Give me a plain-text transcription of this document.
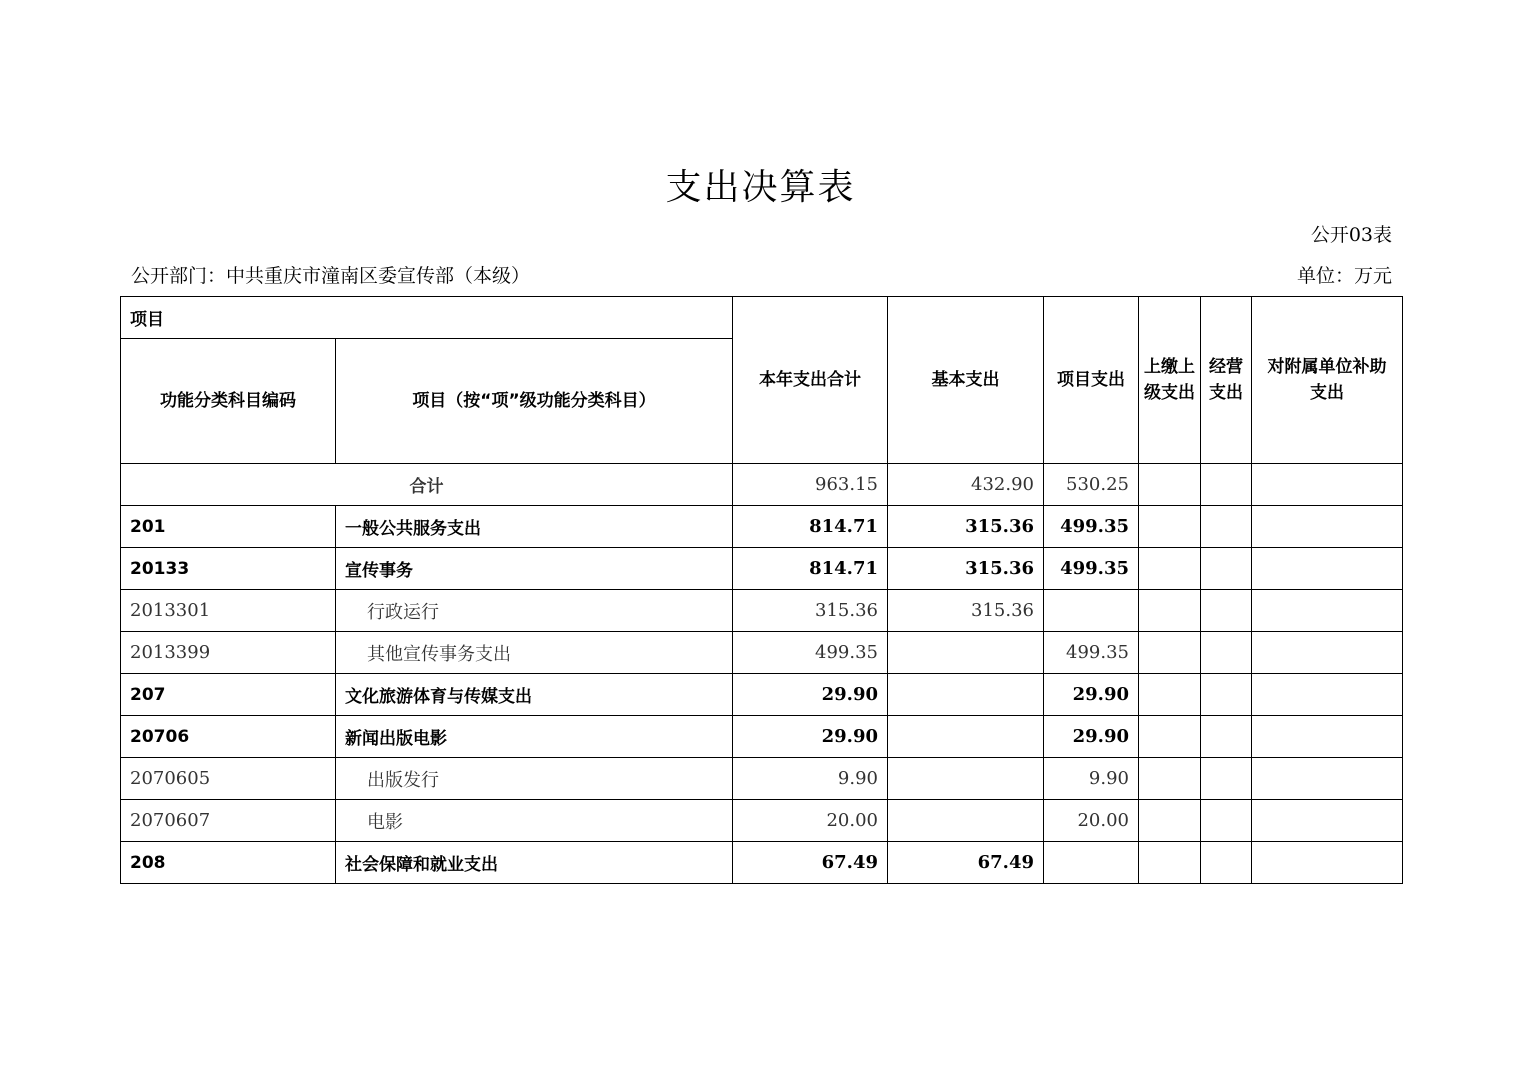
支出决算表
公开03表
公开部门：中共重庆市潼南区委宣传部（本级）	单位：万元
项目		本年支出合计	基本支出	项目支出	上缴上级支出	经营支出	对附属单位补助支出
功能分类科目编码	项目（按“项”级功能分类科目）						
合计		963.15	432.90	530.25			
201	一般公共服务支出	814.71	315.36	499.35			
20133	宣传事务	814.71	315.36	499.35			
2013301	行政运行	315.36	315.36				
2013399	其他宣传事务支出	499.35		499.35			
207	文化旅游体育与传媒支出	29.90		29.90			
20706	新闻出版电影	29.90		29.90			
2070605	出版发行	9.90		9.90			
2070607	电影	20.00		20.00			
208	社会保障和就业支出	67.49	67.49				
